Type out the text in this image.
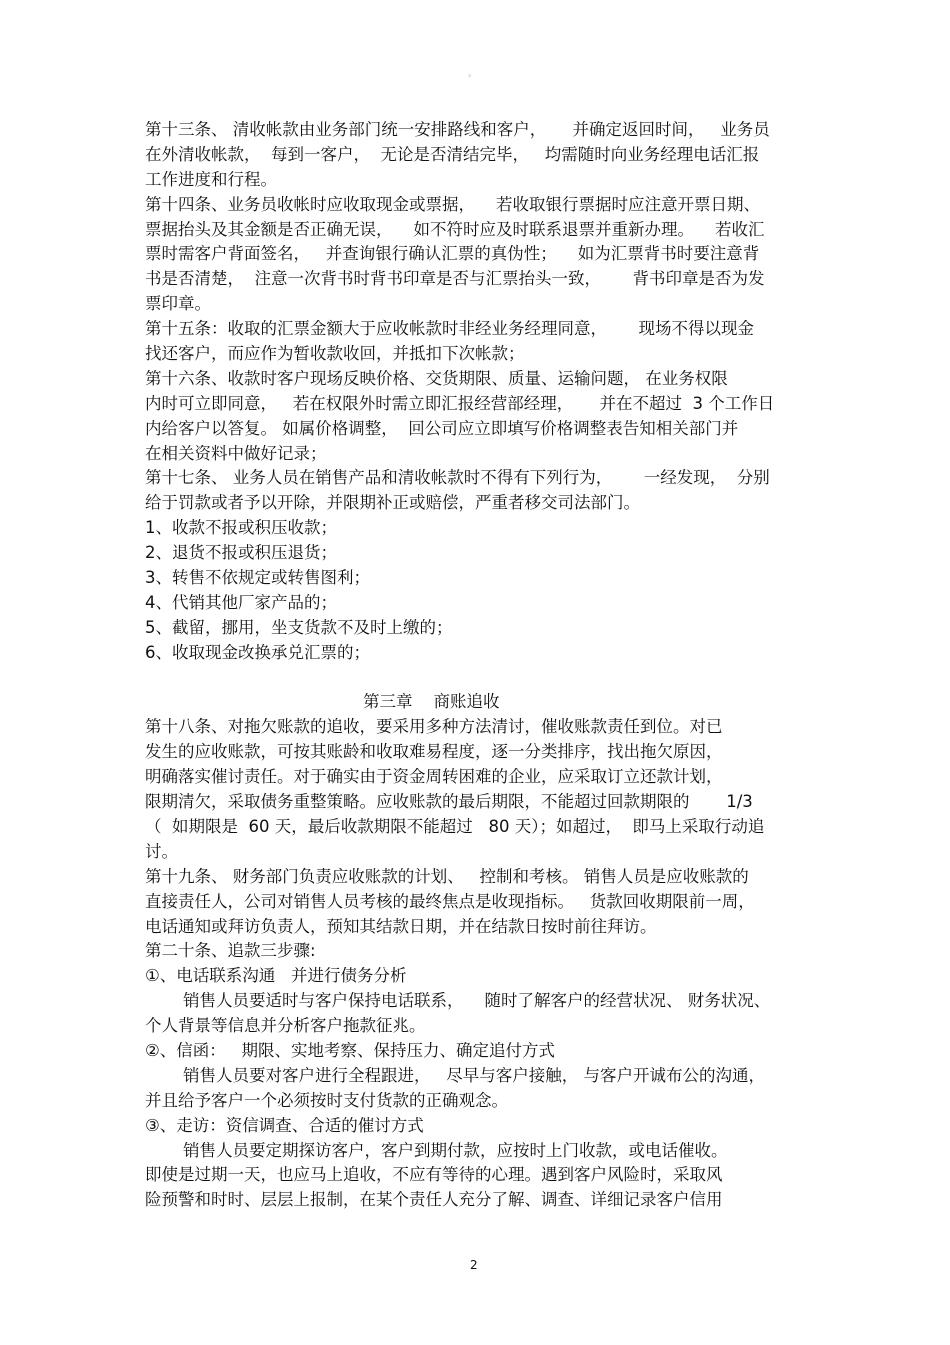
。
第十三条、 清收帐款由业务部门统一安排路线和客户，     并确定返回时间，   业务员
在外清收帐款，  每到一客户，  无论是否清结完毕，   均需随时向业务经理电话汇报
工作进度和行程。
第十四条、业务员收帐时应收取现金或票据，    若收取银行票据时应注意开票日期、
票据抬头及其金额是否正确无误，    如不符时应及时联系退票并重新办理。    若收汇
票时需客户背面签名，   并查询银行确认汇票的真伪性；    如为汇票背书时要注意背
书是否清楚，  注意一次背书时背书印章是否与汇票抬头一致，      背书印章是否为发
票印章。
第十五条：收取的汇票金额大于应收帐款时非经业务经理同意，      现场不得以现金
找还客户，而应作为暂收款收回，并抵扣下次帐款；
第十六条、收款时客户现场反映价格、交货期限、质量、运输问题， 在业务权限
内时可立即同意，   若在权限外时需立即汇报经营部经理，     并在不超过  3 个工作日
内给客户以答复。 如属价格调整，  回公司应立即填写价格调整表告知相关部门并
在相关资料中做好记录；
第十七条、 业务人员在销售产品和清收帐款时不得有下列行为，      一经发现，  分别
给于罚款或者予以开除，并限期补正或赔偿，严重者移交司法部门。
1、收款不报或积压收款；
2、退货不报或积压退货；
3、转售不依规定或转售图利；
4、代销其他厂家产品的；
5、截留，挪用，坐支货款不及时上缴的；
6、收取现金改换承兑汇票的；
第三章    商账追收
第十八条、对拖欠账款的追收，要采用多种方法清讨，催收账款责任到位。对已
发生的应收账款，可按其账龄和收取难易程度，逐一分类排序，找出拖欠原因，
明确落实催讨责任。对于确实由于资金周转困难的企业，应采取订立还款计划，
限期清欠，采取债务重整策略。应收账款的最后期限，不能超过回款期限的       1/3
（  如期限是  60 天，最后收款期限不能超过   80 天）；如超过，  即马上采取行动追
讨。
第十九条、 财务部门负责应收账款的计划、   控制和考核。 销售人员是应收账款的
直接责任人，公司对销售人员考核的最终焦点是收现指标。   货款回收期限前一周，
电话通知或拜访负责人，预知其结款日期，并在结款日按时前往拜访。
第二十条、追款三步骤:
①、电话联系沟通   并进行债务分析
销售人员要适时与客户保持电话联系，    随时了解客户的经营状况、 财务状况、
个人背景等信息并分析客户拖款征兆。
②、信函：   期限、实地考察、保持压力、确定追付方式
销售人员要对客户进行全程跟进，   尽早与客户接触， 与客户开诚布公的沟通，
并且给予客户一个必须按时支付货款的正确观念。
③、走访：资信调查、合适的催讨方式
销售人员要定期探访客户，客户到期付款，应按时上门收款，或电话催收。
即使是过期一天，也应马上追收，不应有等待的心理。遇到客户风险时，采取风
险预警和时时、层层上报制，在某个责任人充分了解、调查、详细记录客户信用
2
